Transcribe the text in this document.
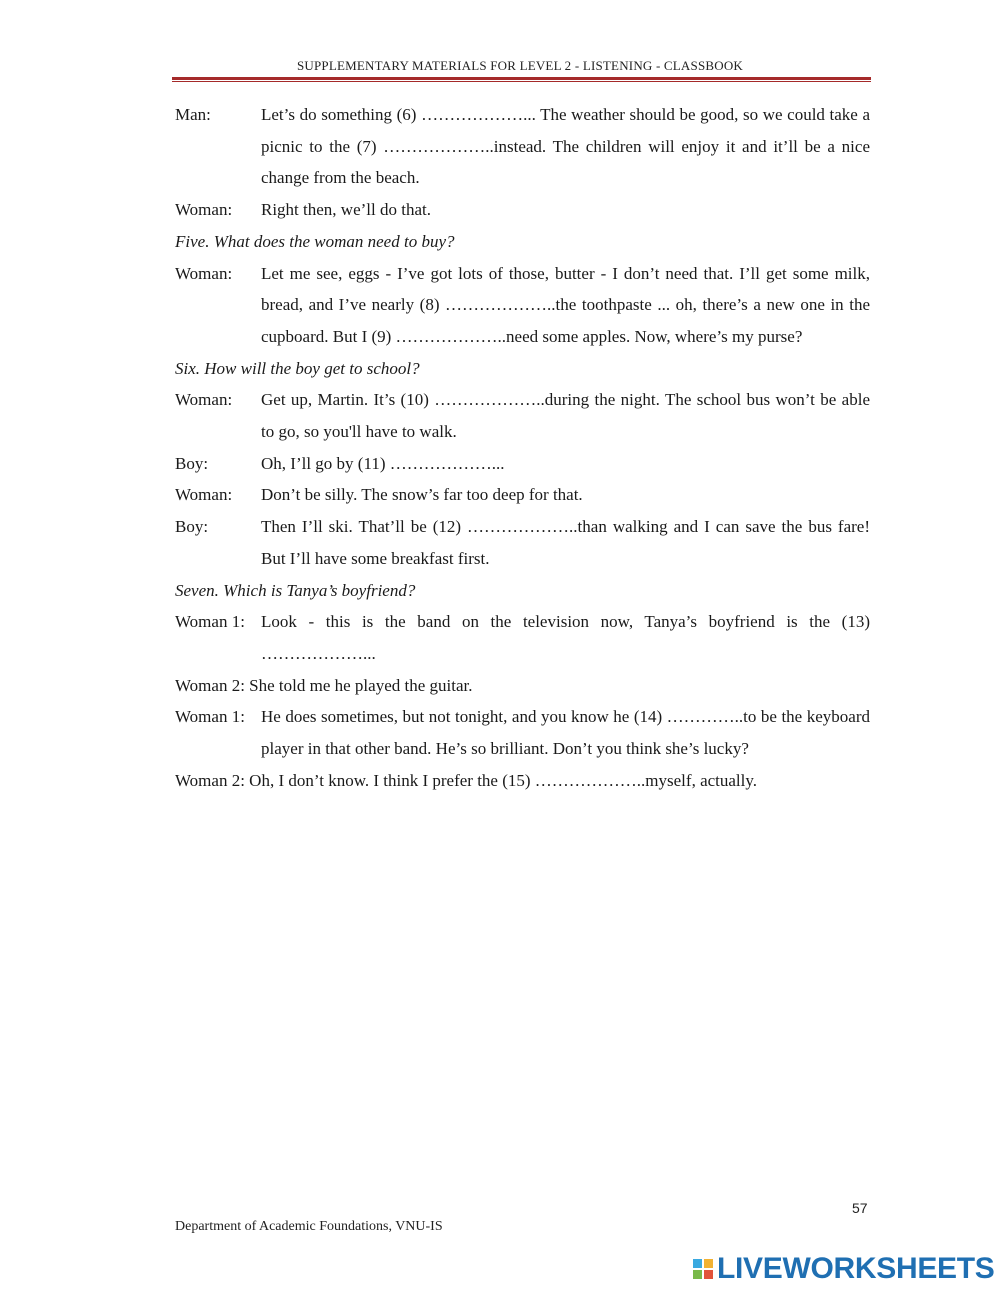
SUPPLEMENTARY MATERIALS FOR LEVEL 2 - LISTENING - CLASSBOOK
Man:	Let’s do something (6) ………………... The weather should be good, so we could take a picnic to the (7) ………………..instead. The children will enjoy it and it’ll be a nice change from the beach.
Woman:	Right then, we’ll do that.
Five. What does the woman need to buy?
Woman:	Let me see, eggs - I’ve got lots of those, butter - I don’t need that. I’ll get some milk, bread, and I’ve nearly (8) ………………..the toothpaste ... oh, there’s a new one in the cupboard. But I (9) ………………..need some apples. Now, where’s my purse?
Six. How will the boy get to school?
Woman:	Get up, Martin. It’s (10) ………………..during the night. The school bus won’t be able to go, so you'll have to walk.
Boy:	Oh, I’ll go by (11) ………………...
Woman:	Don’t be silly. The snow’s far too deep for that.
Boy:	Then I’ll ski. That’ll be (12) ………………..than walking and I can save the bus fare! But I’ll have some breakfast first.
Seven. Which is Tanya’s boyfriend?
Woman 1: Look - this is the band on the television now, Tanya’s boyfriend is the (13) ………………...
Woman 2: She told me he played the guitar.
Woman 1: He does sometimes, but not tonight, and you know he (14) …………..to be the keyboard player in that other band. He’s so brilliant. Don’t you think she’s lucky?
Woman 2: Oh, I don’t know. I think I prefer the (15) ………………..myself, actually.
57
Department of Academic Foundations, VNU-IS
LIVEWORKSHEETS
